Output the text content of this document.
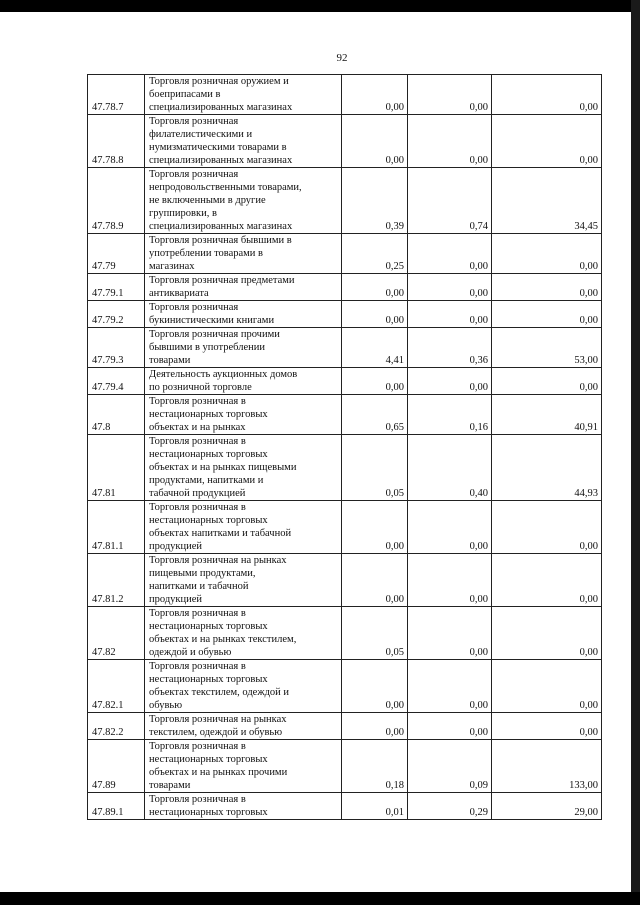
92
47.78.7	Торговля розничная оружием и
боеприпасами в
специализированных магазинах	0,00	0,00	0,00
47.78.8	Торговля розничная
филателистическими и
нумизматическими товарами в
специализированных магазинах	0,00	0,00	0,00
47.78.9	Торговля розничная
непродовольственными товарами,
не включенными в другие
группировки, в
специализированных магазинах	0,39	0,74	34,45
47.79	Торговля розничная бывшими в
употреблении товарами в
магазинах	0,25	0,00	0,00
47.79.1	Торговля розничная предметами
антиквариата	0,00	0,00	0,00
47.79.2	Торговля розничная
букинистическими книгами	0,00	0,00	0,00
47.79.3	Торговля розничная прочими
бывшими в употреблении
товарами	4,41	0,36	53,00
47.79.4	Деятельность аукционных домов
по розничной торговле	0,00	0,00	0,00
47.8	Торговля розничная в
нестационарных торговых
объектах и на рынках	0,65	0,16	40,91
47.81	Торговля розничная в
нестационарных торговых
объектах и на рынках пищевыми
продуктами, напитками и
табачной продукцией	0,05	0,40	44,93
47.81.1	Торговля розничная в
нестационарных торговых
объектах напитками и табачной
продукцией	0,00	0,00	0,00
47.81.2	Торговля розничная на рынках
пищевыми продуктами,
напитками и табачной
продукцией	0,00	0,00	0,00
47.82	Торговля розничная в
нестационарных торговых
объектах и на рынках текстилем,
одеждой и обувью	0,05	0,00	0,00
47.82.1	Торговля розничная в
нестационарных торговых
объектах текстилем, одеждой и
обувью	0,00	0,00	0,00
47.82.2	Торговля розничная на рынках
текстилем, одеждой и обувью	0,00	0,00	0,00
47.89	Торговля розничная в
нестационарных торговых
объектах и на рынках прочими
товарами	0,18	0,09	133,00
47.89.1	Торговля розничная в
нестационарных торговых	0,01	0,29	29,00
